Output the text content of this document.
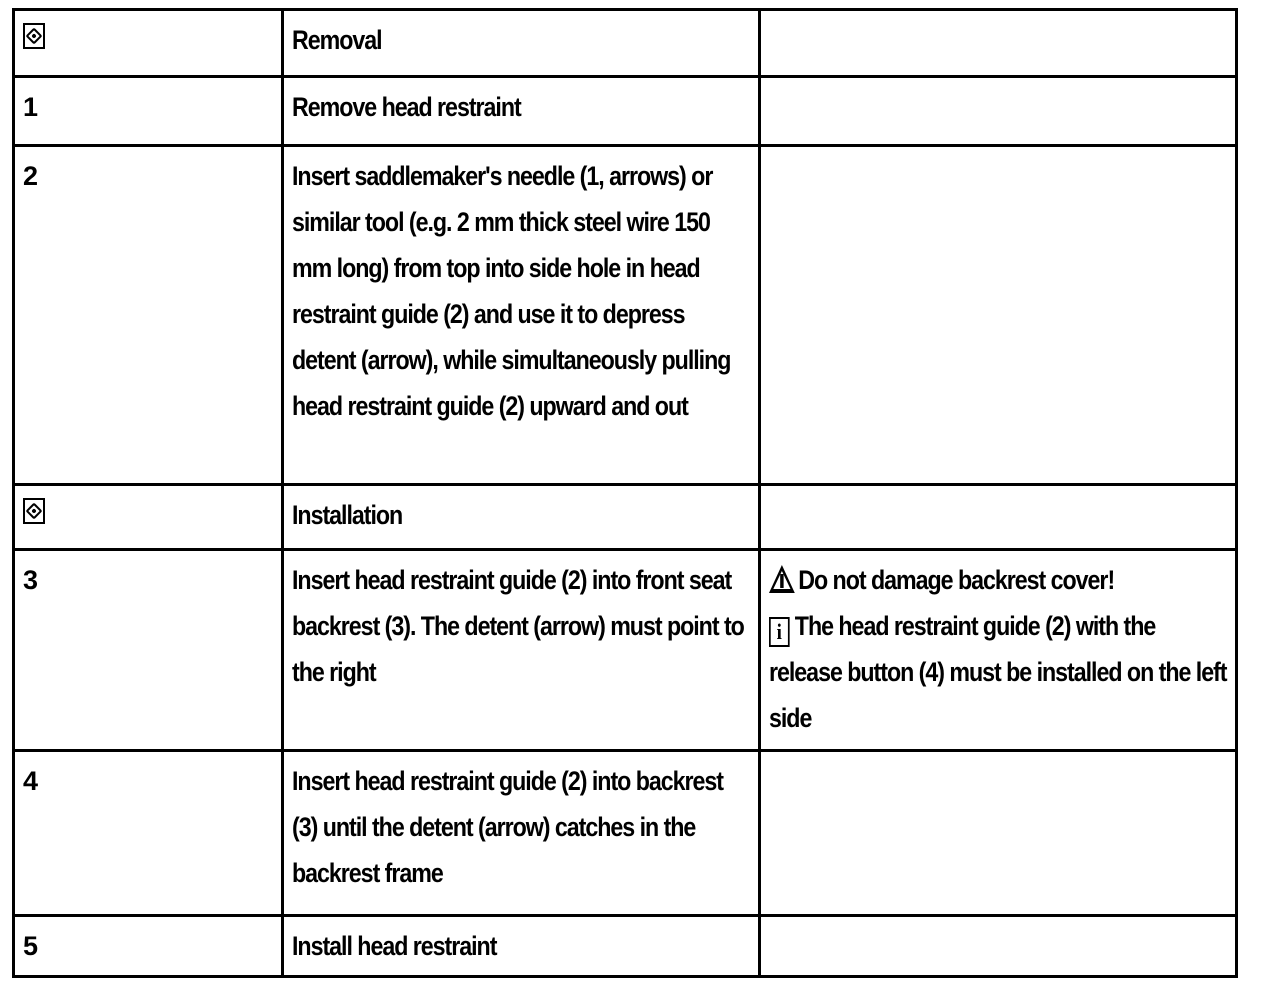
	Removal	
1	Remove head restraint	
2	Insert saddlemaker's needle (1, arrows) or similar tool (e.g. 2 mm thick steel wire 150 mm long) from top into side hole in head restraint guide (2) and use it to depress detent (arrow), while simultaneously pulling head restraint guide (2) upward and out	
	Installation	
3	Insert head restraint guide (2) into front seat backrest (3). The detent (arrow) must point to the right	Do not damage backrest cover!
i The head restraint guide (2) with the release button (4) must be installed on the left side
4	Insert head restraint guide (2) into backrest (3) until the detent (arrow) catches in the backrest frame	
5	Install head restraint	
